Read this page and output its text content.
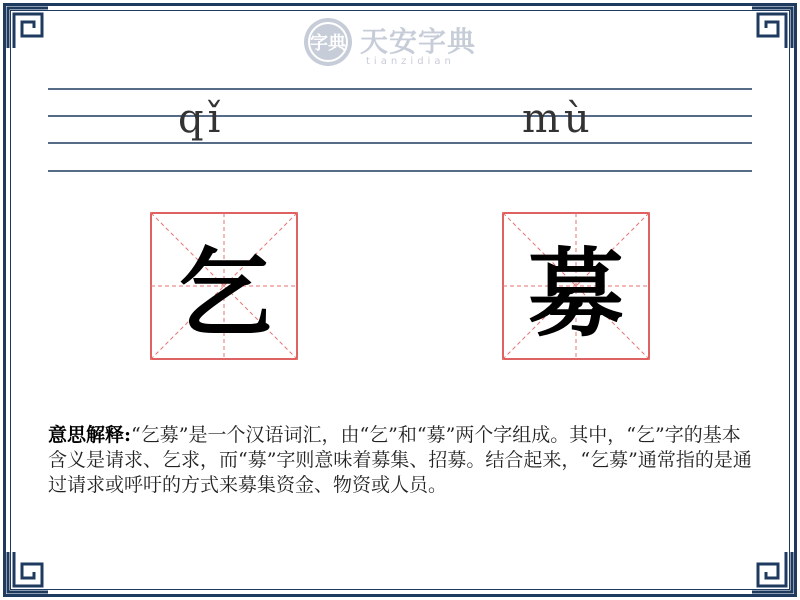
字典 天安字典
tianzidian
qǐ	mù
乞	募
意思解释:“乞募”是一个汉语词汇，由“乞”和“募”两个字组成。其中，“乞”字的基本含义是请求、乞求，而“募”字则意味着募集、招募。结合起来，“乞募”通常指的是通过请求或呼吁的方式来募集资金、物资或人员。
